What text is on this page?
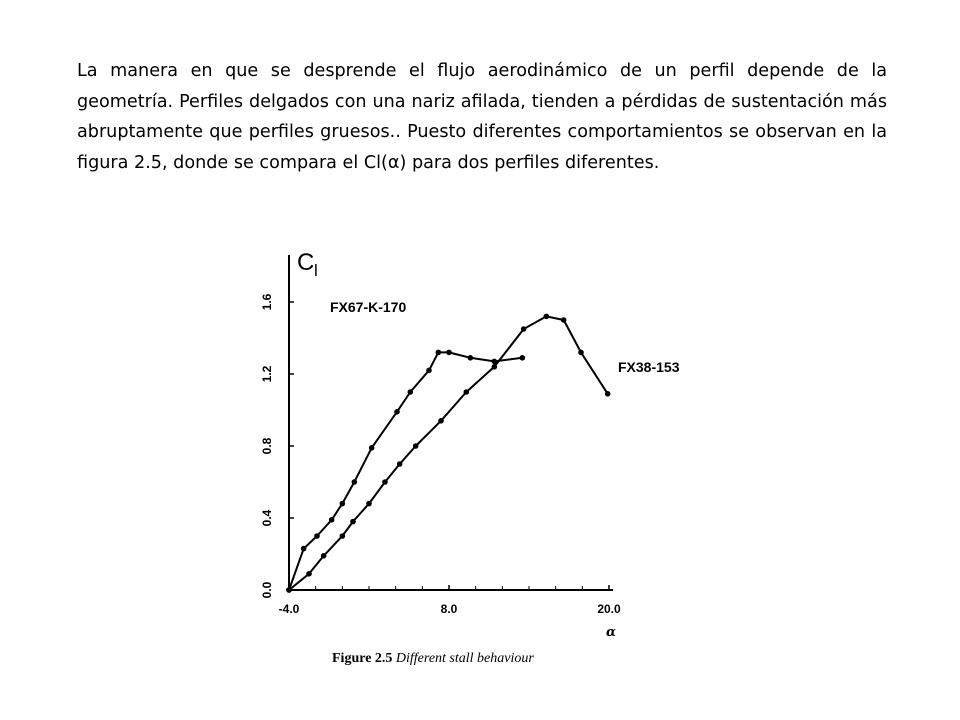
La manera en que se desprende el flujo aerodinámico de un perfil depende de la geometría. Perfiles delgados con una nariz afilada, tienden a pérdidas de sustentación más abruptamente que perfiles gruesos.. Puesto diferentes comportamientos se observan en la figura 2.5, donde se compara el Cl(α) para dos perfiles diferentes.

0.0
0.4
0.8
1.2
1.6
-4.0	8.0	20.0
C l
α
FX67-K-170
FX38-153
Figure 2.5 Different stall behaviour
